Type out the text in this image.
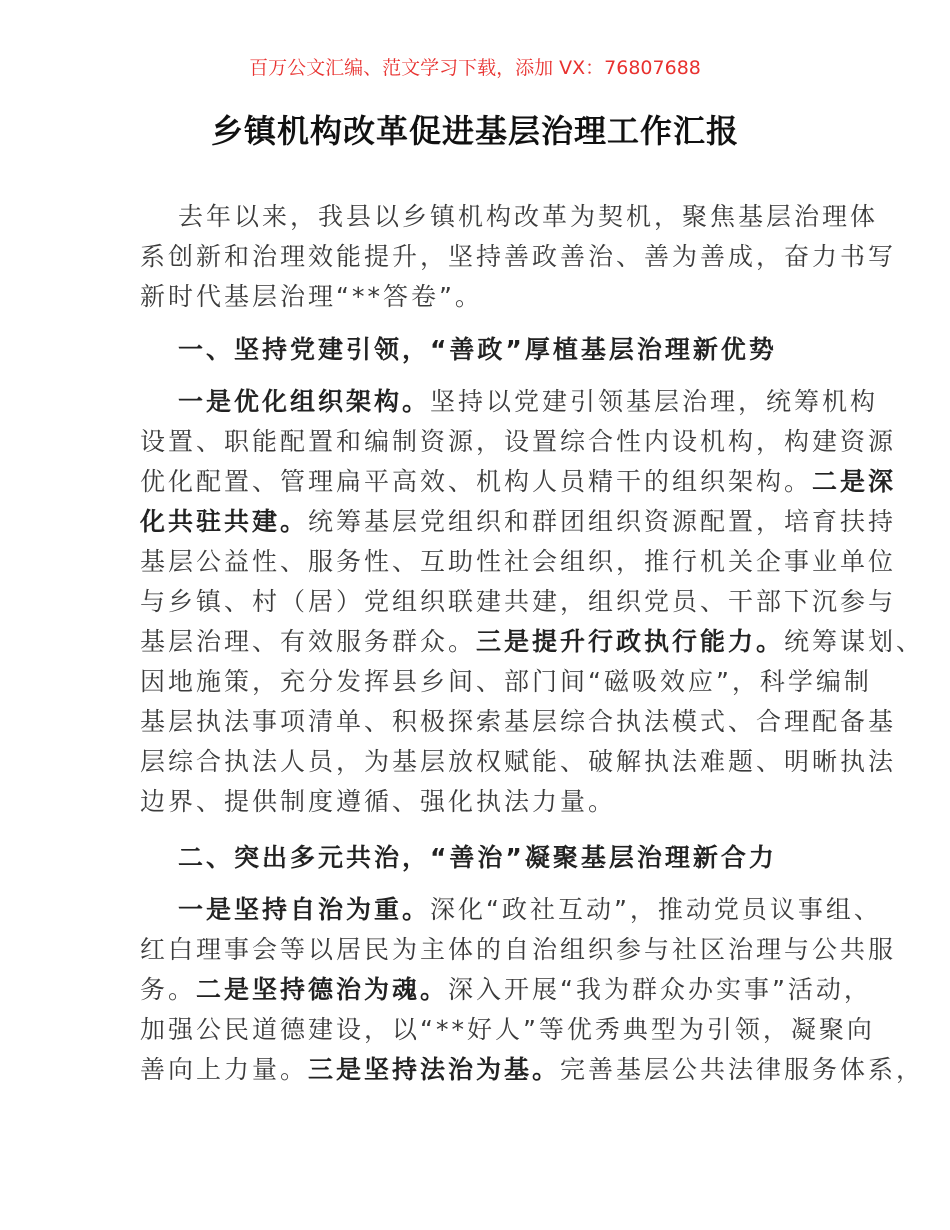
百万公文汇编、范文学习下载，添加 VX：76807688
乡镇机构改革促进基层治理工作汇报
去年以来，我县以乡镇机构改革为契机，聚焦基层治理体
系创新和治理效能提升，坚持善政善治、善为善成，奋力书写
新时代基层治理“**答卷”。
一、坚持党建引领，“善政”厚植基层治理新优势
一是优化组织架构。坚持以党建引领基层治理，统筹机构
设置、职能配置和编制资源，设置综合性内设机构，构建资源
优化配置、管理扁平高效、机构人员精干的组织架构。二是深
化共驻共建。统筹基层党组织和群团组织资源配置，培育扶持
基层公益性、服务性、互助性社会组织，推行机关企事业单位
与乡镇、村（居）党组织联建共建，组织党员、干部下沉参与
基层治理、有效服务群众。三是提升行政执行能力。统筹谋划、
因地施策，充分发挥县乡间、部门间“磁吸效应”，科学编制
基层执法事项清单、积极探索基层综合执法模式、合理配备基
层综合执法人员，为基层放权赋能、破解执法难题、明晰执法
边界、提供制度遵循、强化执法力量。
二、突出多元共治，“善治”凝聚基层治理新合力
一是坚持自治为重。深化“政社互动”，推动党员议事组、
红白理事会等以居民为主体的自治组织参与社区治理与公共服
务。二是坚持德治为魂。深入开展“我为群众办实事”活动，
加强公民道德建设，以“**好人”等优秀典型为引领，凝聚向
善向上力量。三是坚持法治为基。完善基层公共法律服务体系，
